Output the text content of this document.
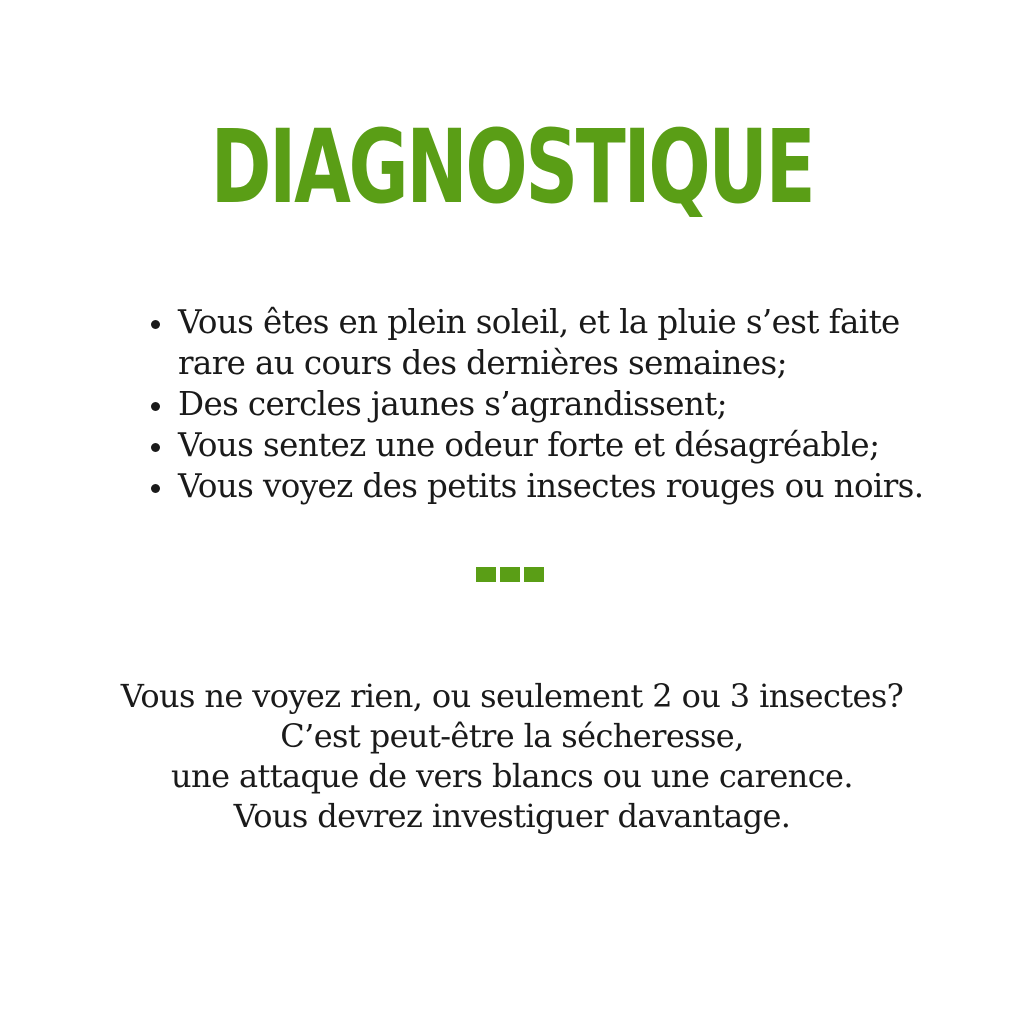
DIAGNOSTIQUE
Vous êtes en plein soleil, et la pluie s’est faite
rare au cours des dernières semaines;
Des cercles jaunes s’agrandissent;
Vous sentez une odeur forte et désagréable;
Vous voyez des petits insectes rouges ou noirs.
Vous ne voyez rien, ou seulement 2 ou 3 insectes?
C’est peut-être la sécheresse,
une attaque de vers blancs ou une carence.
Vous devrez investiguer davantage.
